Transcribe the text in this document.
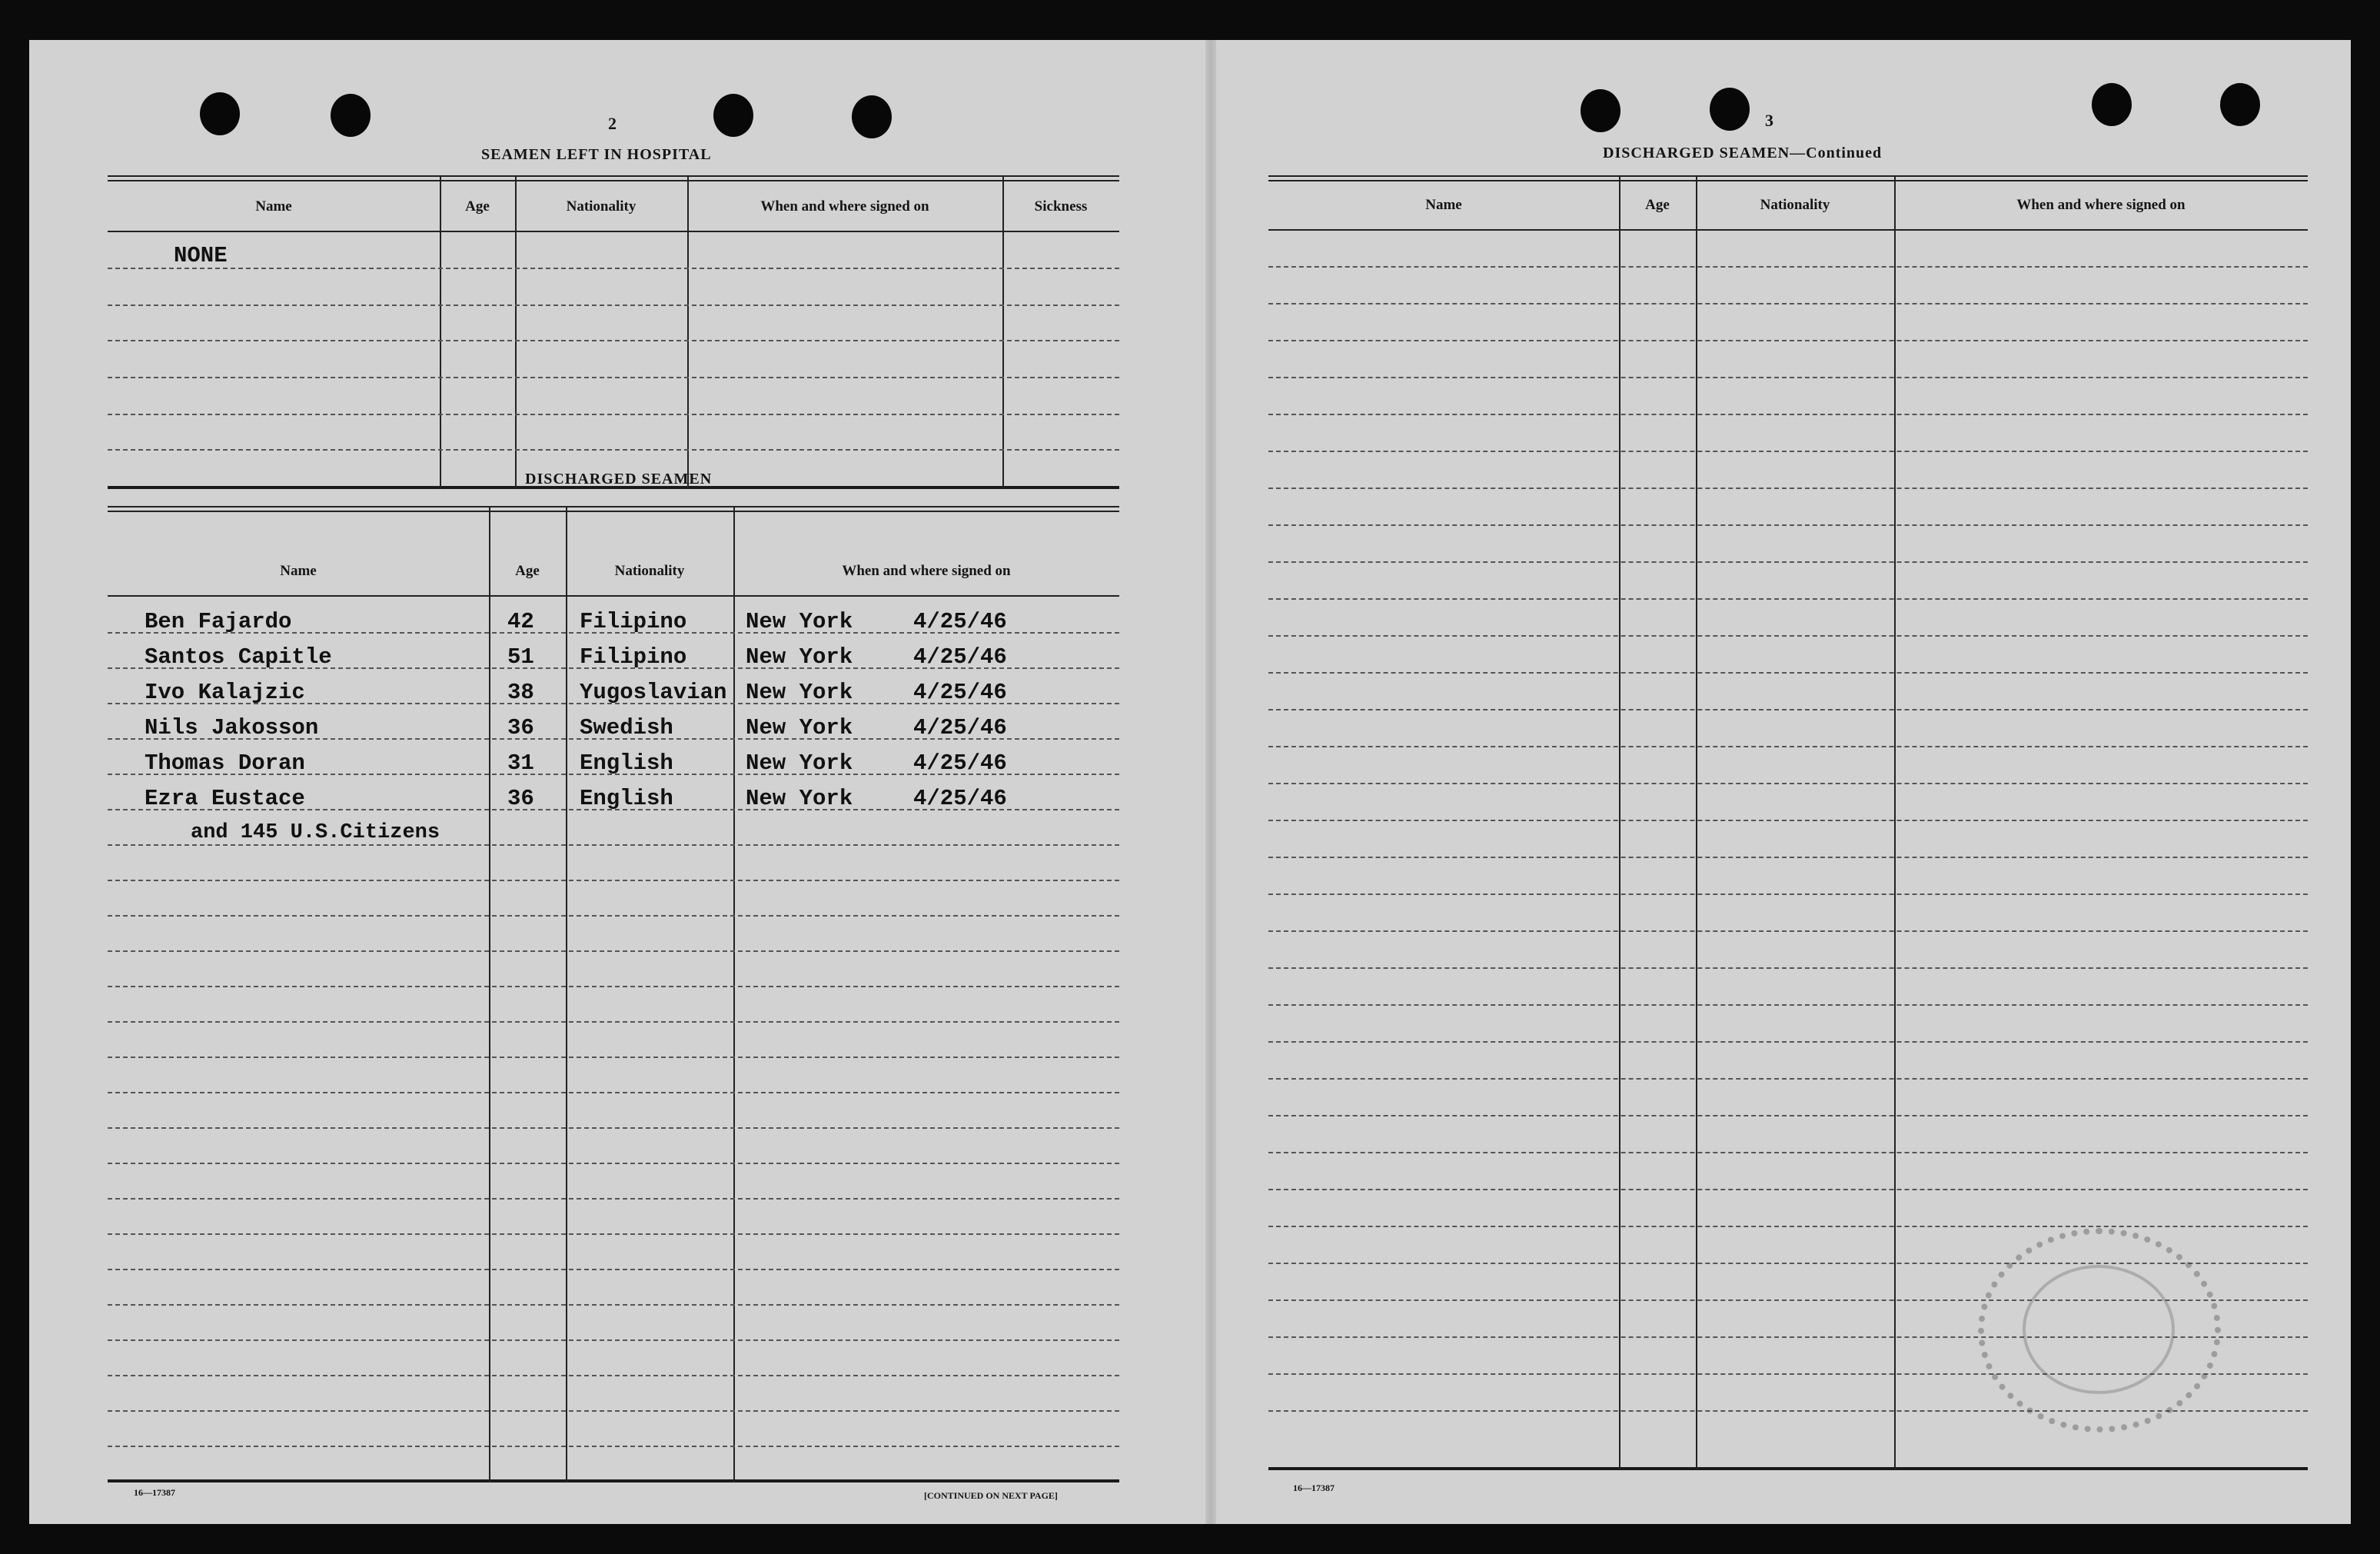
2
SEAMEN LEFT IN HOSPITAL
Name	Age	Nationality	When and where signed on	Sickness
NONE
DISCHARGED SEAMEN
Name	Age	Nationality	When and where signed on
Ben Fajardo	42 Filipino	New York	4/25/46
Santos Capitle	51 Filipino	New York	4/25/46
Ivo Kalajzic	38 Yugoslavian New York	4/25/46
Nils Jakosson	36 Swedish	New York	4/25/46
Thomas Doran	31 English	New York	4/25/46
Ezra Eustace	36 English	New York	4/25/46
and 145 U.S.Citizens
16—17387	[CONTINUED ON NEXT PAGE]
3
DISCHARGED SEAMEN—Continued
Name	Age	Nationality	When and where signed on
16—17387
